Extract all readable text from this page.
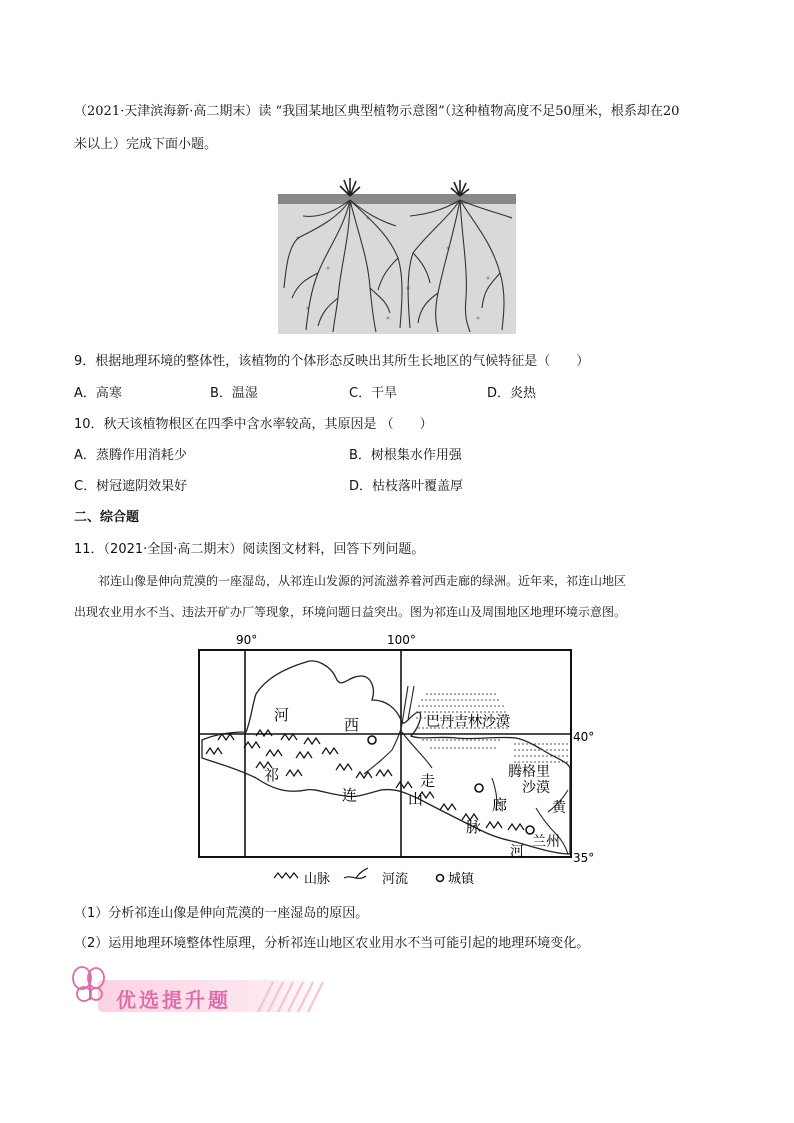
（2021·天津滨海新·高二期末）读 “我国某地区典型植物示意图”（这种植物高度不足50厘米，根系却在20
米以上）完成下面小题。
9．根据地理环境的整体性，该植物的个体形态反映出其所生长地区的气候特征是（　　）
A．高寒	B．温湿	C．干旱	D．炎热
10．秋天该植物根区在四季中含水率较高，其原因是 （　　）
A．蒸腾作用消耗少	B．树根集水作用强
C．树冠遮阴效果好	D．枯枝落叶覆盖厚
二、综合题
11．（2021·全国·高二期末）阅读图文材料，回答下列问题。
祁连山像是伸向荒漠的一座湿岛，从祁连山发源的河流滋养着河西走廊的绿洲。近年来，祁连山地区
出现农业用水不当、违法开矿办厂等现象，环境问题日益突出。图为祁连山及周围地区地理环境示意图。
90°	100°
40°
35°
河
西
走
廊
祁
连	山
脉
巴丹吉林沙漠
腾格里
沙漠
黄
河
兰州
山脉	河流	城镇
（1）分析祁连山像是伸向荒漠的一座湿岛的原因。
（2）运用地理环境整体性原理，分析祁连山地区农业用水不当可能引起的地理环境变化。
优选提升题
